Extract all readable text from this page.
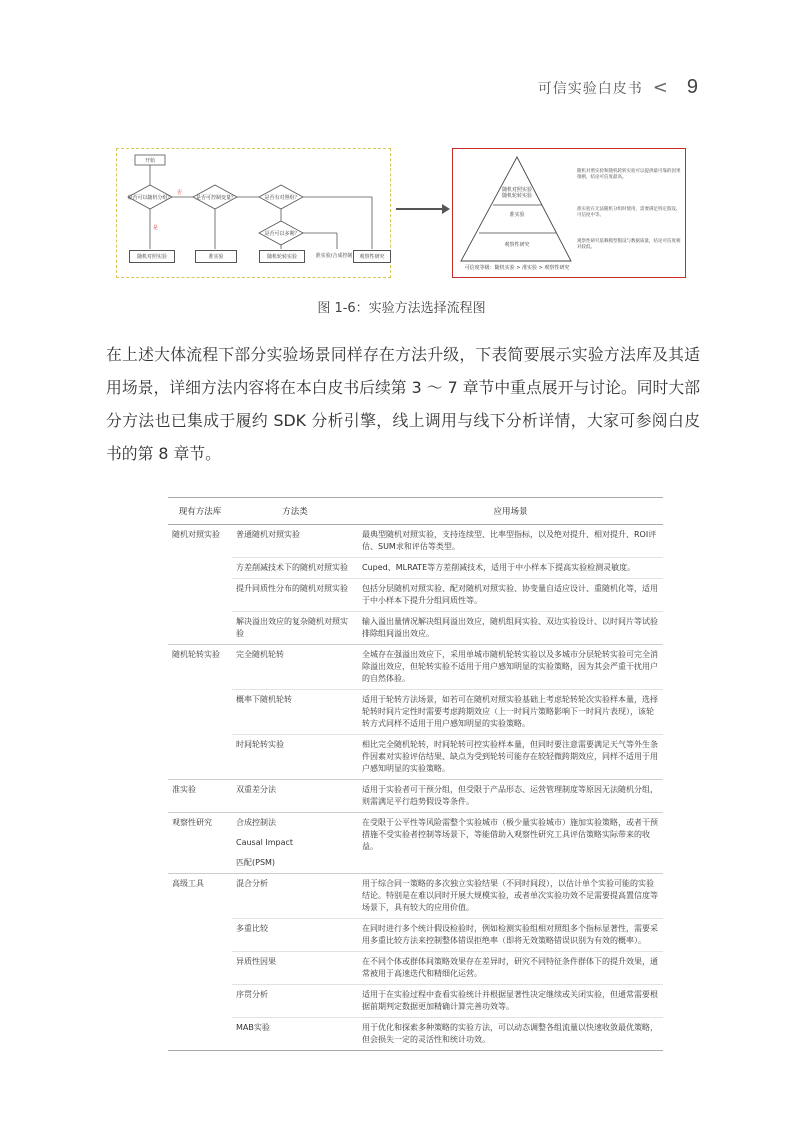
可信实验白皮书 < 9
开始
是否可以随机分组？	是否可控制变量？	是否有对照组？
是否可以多期？
否
是
随机对照实验	准实验	随机轮转实验	准实验/合成控制	观察性研究
随机对照实验
随机轮转实验
准实验
观察性研究
可信度等级：随机实验 > 准实验 > 观察性研究
随机对照实验和随机轮转实验可以提供最可靠的因果推断，结论可信度最高。
准实验在无法随机分组时使用，需要满足特定假设，可信度中等。
观察性研究依赖模型假设与数据质量，结论可信度相对较低。
图 1-6：实验方法选择流程图
在上述大体流程下部分实验场景同样存在方法升级，下表简要展示实验方法库及其适用场景，详细方法内容将在本白皮书后续第 3 ～ 7 章节中重点展开与讨论。同时大部分方法也已集成于履约 SDK 分析引擎，线上调用与线下分析详情，大家可参阅白皮书的第 8 章节。
现有方法库	方法类	应用场景
随机对照实验	普通随机对照实验	最典型随机对照实验，支持连续型、比率型指标，以及绝对提升、相对提升、ROI评估、SUM求和评估等类型。
	方差削减技术下的随机对照实验	Cuped、MLRATE等方差削减技术，适用于中小样本下提高实验检测灵敏度。
	提升同质性分布的随机对照实验	包括分层随机对照实验、配对随机对照实验、协变量自适应设计、重随机化等，适用于中小样本下提升分组同质性等。
	解决溢出效应的复杂随机对照实验	输入溢出量情况解决组间溢出效应，随机组间实验、双边实验设计、以时间片等试验排除组间溢出效应。
随机轮转实验	完全随机轮转	全城存在强溢出效应下，采用单城市随机轮转实验以及多城市分层轮转实验可完全消除溢出效应，但轮转实验不适用于用户感知明显的实验策略，因为其会严重干扰用户的自然体验。
	概率下随机轮转	适用于轮转方法场景，如若可在随机对照实验基础上考虑轮转轮次实验样本量，选择轮转时间片定性时需要考虑跨期效应（上一时间片策略影响下一时间片表现），该轮转方式同样不适用于用户感知明显的实验策略。
	时间轮转实验	相比完全随机轮转，时间轮转可控实验样本量，但同时要注意需要满足天气等外生条件因素对实验评估结果、缺点为受到轮转可能存在较轻微跨期效应，同样不适用于用户感知明显的实验策略。
准实验	双重差分法	适用于实验者可干预分组，但受限于产品形态、运营管理制度等原因无法随机分组，则需满足平行趋势假设等条件。
观察性研究	合成控制法	在受限于公平性等风险需整个实验城市（极少量实验城市）施加实验策略，或者干预措施不受实验者控制等场景下，等能借助入观察性研究工具评估策略实际带来的收益。
	Causal Impact	
	匹配(PSM)	
高级工具	混合分析	用于综合同一策略的多次独立实验结果（不同时间段），以估计单个实验可能的实验结论。特别是在难以同时开展大规模实验，或者单次实验功效不足需要提高置信度等场景下，具有较大的应用价值。
	多重比较	在同时进行多个统计假设检验时，例如检测实验组相对照组多个指标显著性，需要采用多重比较方法来控制整体错误拒绝率（即将无效策略错误识别为有效的概率）。
	异质性因果	在不同个体或群体间策略效果存在差异时，研究不同特征条件群体下的提升效果，通常被用于高速迭代和精细化运营。
	序贯分析	适用于在实验过程中查看实验统计并根据显著性决定继续或关闭实验，但通常需要根据前期判定数据更加精确计算完善功效等。
	MAB实验	用于优化和探索多种策略的实验方法，可以动态调整各组流量以快速收敛最优策略，但会损失一定的灵活性和统计功效。
